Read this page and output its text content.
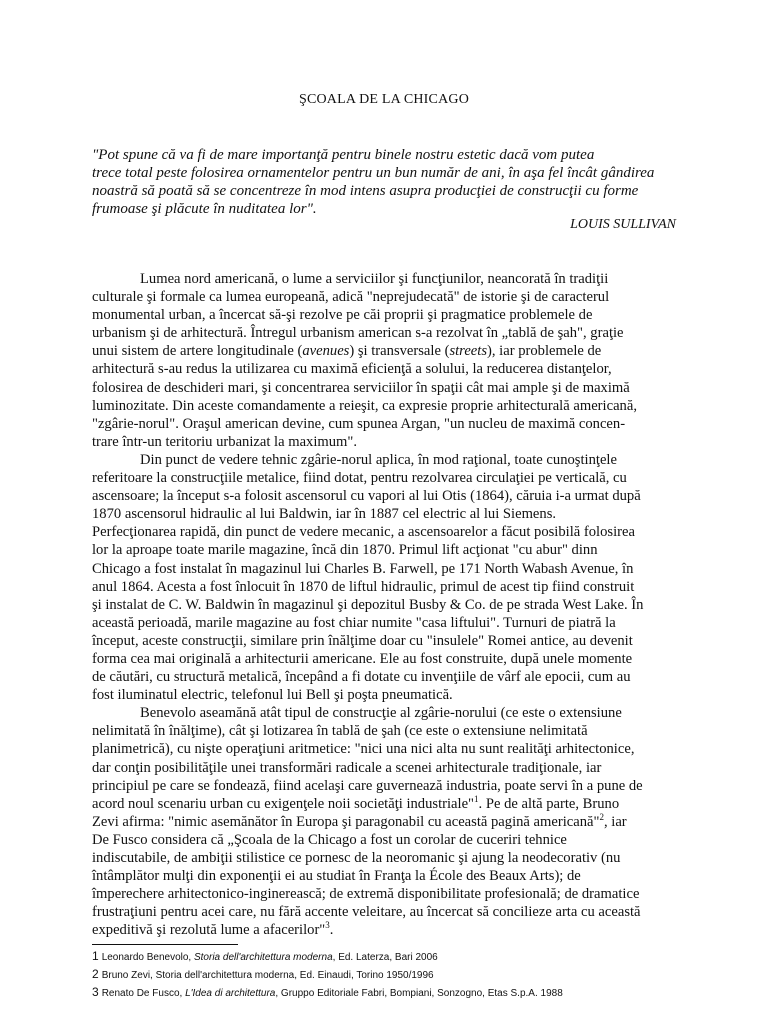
ŞCOALA DE LA CHICAGO
"Pot spune că va fi de mare importanţă pentru binele nostru estetic dacă vom putea
trece total peste folosirea ornamentelor pentru un bun număr de ani, în aşa fel încât gândirea
noastră să poată să se concentreze în mod intens asupra producţiei de construcţii cu forme
frumoase şi plăcute în nuditatea lor".
LOUIS SULLIVAN
Lumea nord americană, o lume a serviciilor şi funcţiunilor, neancorată în tradiţii
culturale şi formale ca lumea europeană, adică "neprejudecată" de istorie şi de caracterul
monumental urban, a încercat să-şi rezolve pe căi proprii şi pragmatice problemele de
urbanism şi de arhitectură. Întregul urbanism american s-a rezolvat în „tablă de şah", graţie
unui sistem de artere longitudinale (avenues) şi transversale (streets), iar problemele de
arhitectură s-au redus la utilizarea cu maximă eficienţă a solului, la reducerea distanţelor,
folosirea de deschideri mari, şi concentrarea serviciilor în spaţii cât mai ample şi de maximă
luminozitate. Din aceste comandamente a reieşit, ca expresie proprie arhitecturală americană,
"zgârie-norul". Oraşul american devine, cum spunea Argan, "un nucleu de maximă concen-
trare într-un teritoriu urbanizat la maximum".
Din punct de vedere tehnic zgârie-norul aplica, în mod raţional, toate cunoştinţele
referitoare la construcţiile metalice, fiind dotat, pentru rezolvarea circulaţiei pe verticală, cu
ascensoare; la început s-a folosit ascensorul cu vapori al lui Otis (1864), căruia i-a urmat după
1870 ascensorul hidraulic al lui Baldwin, iar în 1887 cel electric al lui Siemens.
Perfecţionarea rapidă, din punct de vedere mecanic, a ascensoarelor a făcut posibilă folosirea
lor la aproape toate marile magazine, încă din 1870. Primul lift acţionat "cu abur" dinn
Chicago a fost instalat în magazinul lui Charles B. Farwell, pe 171 North Wabash Avenue, în
anul 1864. Acesta a fost înlocuit în 1870 de liftul hidraulic, primul de acest tip fiind construit
şi instalat de C. W. Baldwin în magazinul şi depozitul Busby & Co. de pe strada West Lake. În
această perioadă, marile magazine au fost chiar numite "casa liftului". Turnuri de piatră la
început, aceste construcţii, similare prin înălţime doar cu "insulele" Romei antice, au devenit
forma cea mai originală a arhitecturii americane. Ele au fost construite, după unele momente
de căutări, cu structură metalică, începând a fi dotate cu invenţiile de vârf ale epocii, cum au
fost iluminatul electric, telefonul lui Bell şi poşta pneumatică.
Benevolo aseamănă atât tipul de construcţie al zgârie-norului (ce este o extensiune
nelimitată în înălţime), cât şi lotizarea în tablă de şah (ce este o extensiune nelimitată
planimetrică), cu nişte operaţiuni aritmetice: "nici una nici alta nu sunt realităţi arhitectonice,
dar conţin posibilităţile unei transformări radicale a scenei arhitecturale tradiţionale, iar
principiul pe care se fondează, fiind acelaşi care guvernează industria, poate servi în a pune de
acord noul scenariu urban cu exigenţele noii societăţi industriale"$^1$. Pe de altă parte, Bruno
Zevi afirma: "nimic asemănător în Europa şi paragonabil cu această pagină americană"$^2$, iar
De Fusco considera că „Şcoala de la Chicago a fost un corolar de cuceriri tehnice
indiscutabile, de ambiţii stilistice ce pornesc de la neoromanic şi ajung la neodecorativ (nu
întâmplător mulţi din exponenţii ei au studiat în Franţa la École des Beaux Arts); de
împerechere arhitectonico-inginerească; de extremă disponibilitate profesională; de dramatice
frustraţiuni pentru acei care, nu fără accente veleitare, au încercat să concilieze arta cu această
expeditivă şi rezolută lume a afacerilor"$^3$.
1 Leonardo Benevolo, Storia dell'architettura moderna, Ed. Laterza, Bari 2006
2 Bruno Zevi, Storia dell'architettura moderna, Ed. Einaudi, Torino 1950/1996
3 Renato De Fusco, L'Idea di architettura, Gruppo Editoriale Fabri, Bompiani, Sonzogno, Etas S.p.A. 1988
